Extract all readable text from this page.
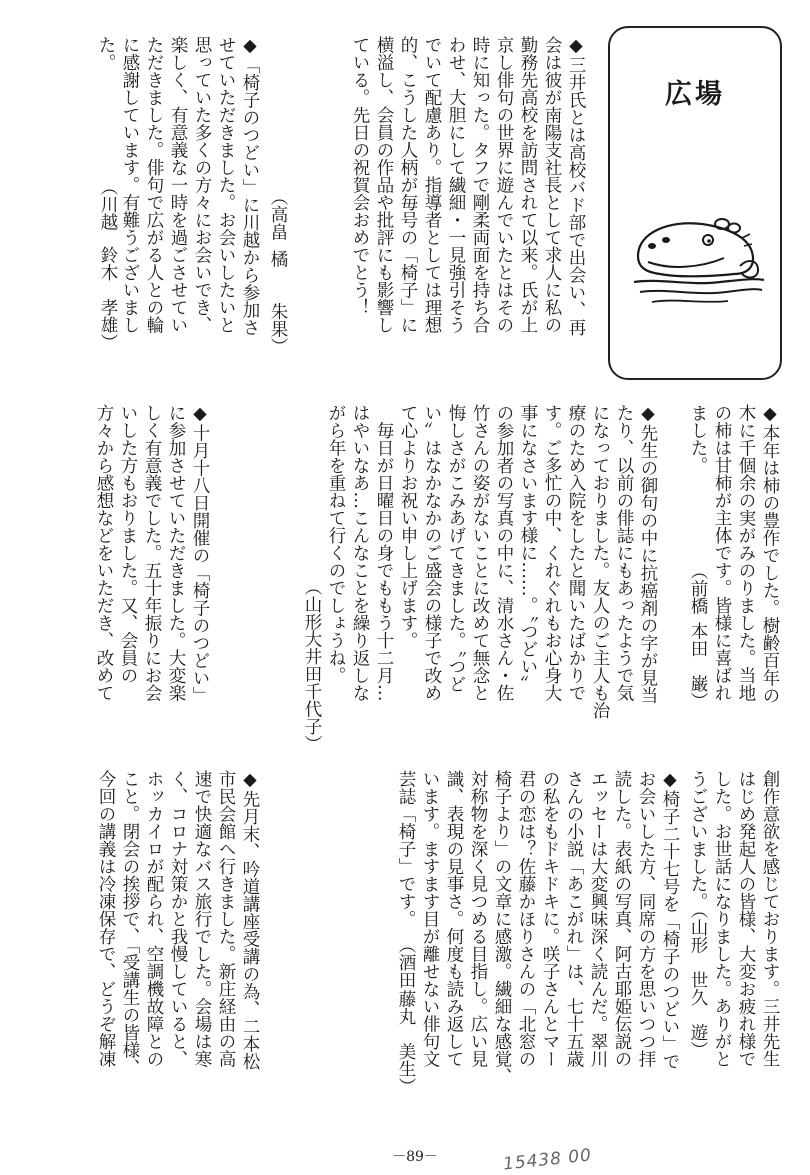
広場
◆三井氏とは高校バド部で出会い、再
会は彼が南陽支社長として求人に私の
勤務先高校を訪問されて以来。氏が上
京し俳句の世界に遊んでいたとはその
時に知った。タフで剛柔両面を持ち合
わせ、大胆にして繊細・一見強引そう
でいて配慮あり。指導者としては理想
的、こうした人柄が毎号の「椅子」に
横溢し、会員の作品や批評にも影響し
ている。先日の祝賀会おめでとう！
（高畠
橘　　朱果）
◆「椅子のつどい」に川越から参加さ
せていただきました。お会いしたいと
思っていた多くの方々にお会いでき、
楽しく、有意義な一時を過ごさせてい
ただきました。俳句で広がる人との輪
に感謝しています。有難うございまし
た。
（川越
鈴木　孝雄）
◆本年は柿の豊作でした。樹齢百年の
木に千個余の実がみのりました。当地
の柿は甘柿が主体です。皆様に喜ばれ
ました。
（前橋
本田　巌）
◆先生の御句の中に抗癌剤の字が見当
たり、以前の俳誌にもあったようで気
になっておりました。友人のご主人も治
療のため入院をしたと聞いたばかりで
す。ご多忙の中、くれぐれもお心身大
事になさいます様に……。〝つどい〟
の参加者の写真の中に、清水さん・佐
竹さんの姿がないことに改めて無念と
悔しさがこみあげてきました。〝つど
い〟はなかなかのご盛会の様子で改め
て心よりお祝い申し上げます。
　毎日が日曜日の身でももう十二月…
はやいなあ…こんなことを繰り返しな
がら年を重ねて行くのでしょうね。
（山形
大井田千代子）
◆十月十八日開催の「椅子のつどい」
に参加させていただきました。大変楽
しく有意義でした。五十年振りにお会
いした方もおりました。又、会員の
方々から感想などをいただき、改めて
創作意欲を感じております。三井先生
はじめ発起人の皆様、大変お疲れ様で
した。お世話になりました。ありがと
うございました。（山形　世久　遊）
◆椅子二十七号を「椅子のつどい」で
お会いした方、同席の方を思いつつ拝
読した。表紙の写真、阿古耶姫伝説の
エッセーは大変興味深く読んだ。翠川
さんの小説「あこがれ」は、七十五歳
の私をもドキドキに。咲子さんとマー
君の恋は？佐藤かほりさんの「北窓の
椅子より」の文章に感激。繊細な感覚、
対称物を深く見つめる目指し。広い見
識、表現の見事さ。何度も読み返して
います。ますます目が離せない俳句文
芸誌「椅子」です。
（酒田
藤丸　美生）
◆先月末、吟道講座受講の為、二本松
市民会館へ行きました。新庄経由の高
速で快適なバス旅行でした。会場は寒
く、コロナ対策かと我慢していると、
ホッカイロが配られ、空調機故障との
こと。閉会の挨拶で、「受講生の皆様、
今回の講義は冷凍保存で、どうぞ解凍
－89－	15438 00
